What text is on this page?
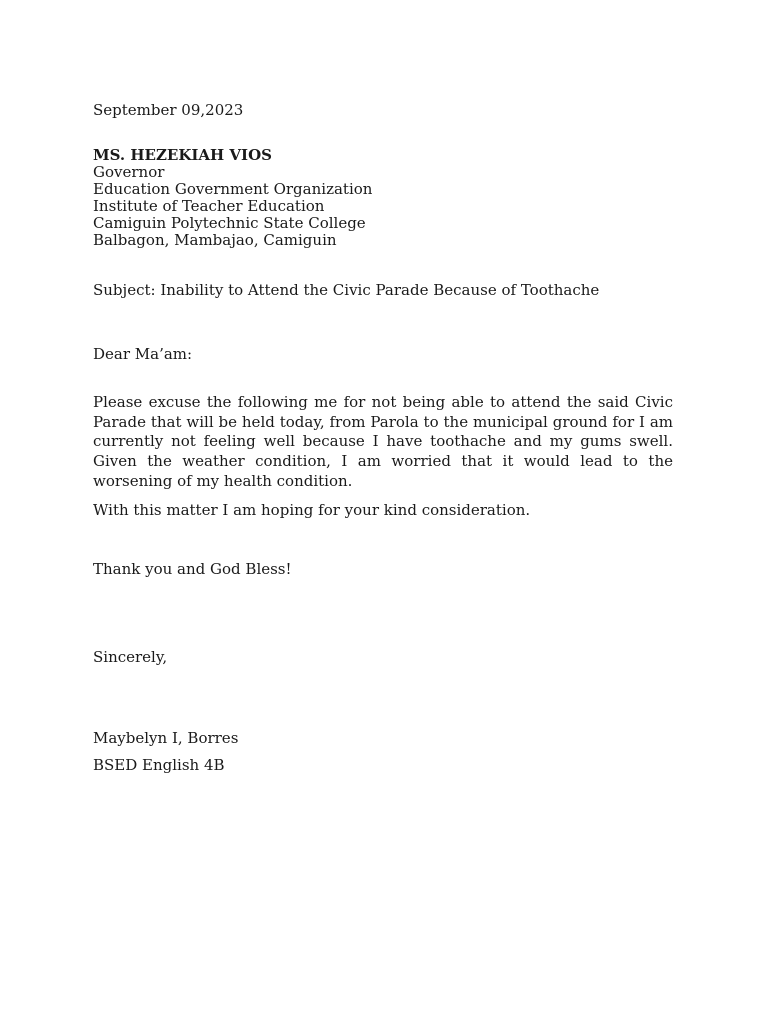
September 09,2023
MS. HEZEKIAH VIOS
Governor
Education Government Organization
Institute of Teacher Education
Camiguin Polytechnic State College
Balbagon, Mambajao, Camiguin
Subject: Inability to Attend the Civic Parade Because of Toothache
Dear Ma’am:
Please excuse the following me for not being able to attend the said Civic Parade that will be held today, from Parola to the municipal ground for I am currently not feeling well because I have toothache and my gums swell. Given the weather condition, I am worried that it would lead to the worsening of my health condition.
With this matter I am hoping for your kind consideration.
Thank you and God Bless!
Sincerely,
Maybelyn I, Borres
BSED English 4B
